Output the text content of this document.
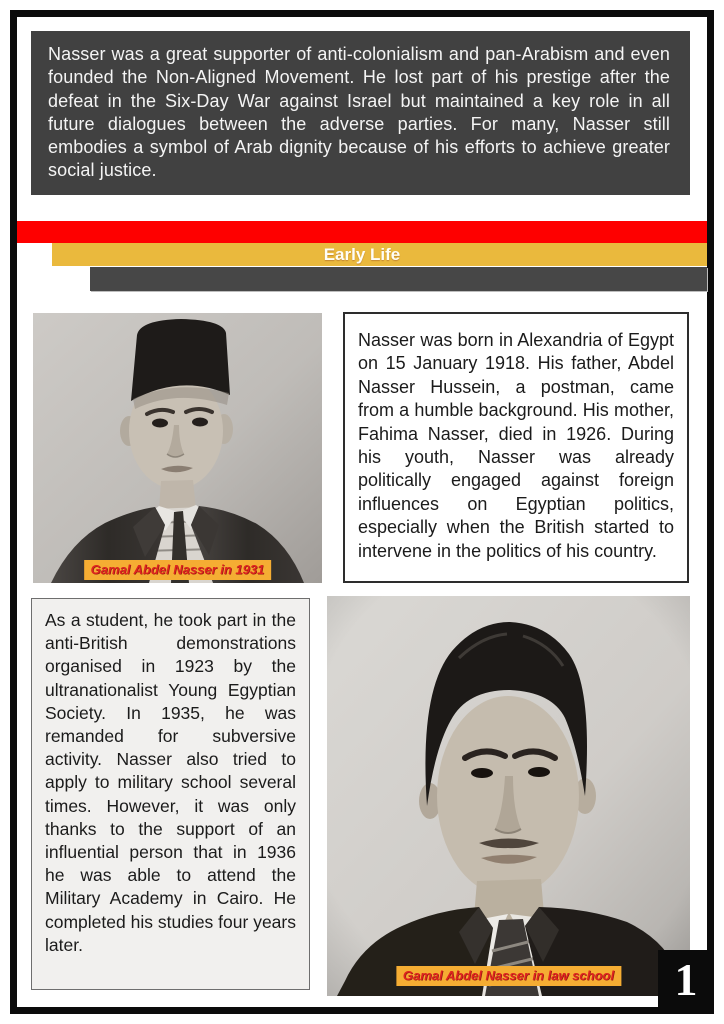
Nasser was a great supporter of anti-colonialism and pan-Arabism and even founded the Non-Aligned Movement. He lost part of his prestige after the defeat in the Six-Day War against Israel but maintained a key role in all future dialogues between the adverse parties. For many, Nasser still embodies a symbol of Arab dignity because of his efforts to achieve greater social justice.

Early Life
Gamal Abdel Nasser in 1931

Nasser was born in Alexandria of Egypt on 15 January 1918. His father, Abdel Nasser Hussein, a postman, came from a humble background. His mother, Fahima Nasser, died in 1926. During his youth, Nasser was already politically engaged against foreign influences on Egyptian politics, especially when the British started to intervene in the politics of his country.

As a student, he took part in the anti-British demonstrations organised in 1923 by the ultranationalist Young Egyptian Society. In 1935, he was remanded for subversive activity. Nasser also tried to apply to military school several times. However, it was only thanks to the support of an influential person that in 1936 he was able to attend the Military Academy in Cairo. He completed his studies four years later.

Gamal Abdel Nasser in law school	1
